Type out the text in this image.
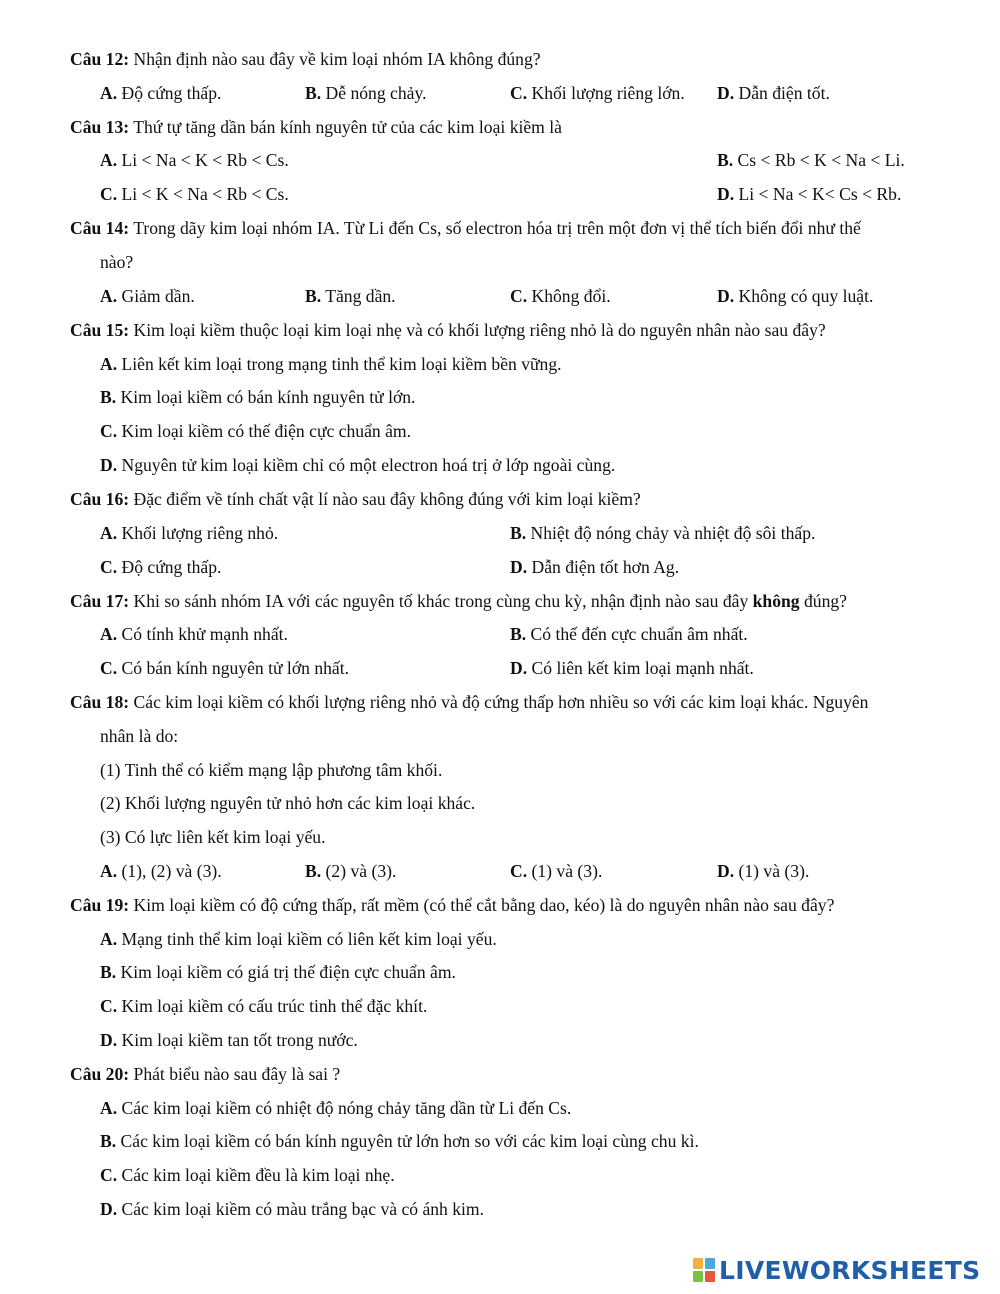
Câu 12: Nhận định nào sau đây về kim loại nhóm IA không đúng?
A. Độ cứng thấp.	B. Dễ nóng chảy.	C. Khối lượng riêng lớn. D. Dẫn điện tốt.
Câu 13: Thứ tự tăng dần bán kính nguyên tử của các kim loại kiềm là
A. Li < Na < K < Rb < Cs.	B. Cs < Rb < K < Na < Li.
C. Li < K < Na < Rb < Cs.	D. Li < Na < K< Cs < Rb.
Câu 14: Trong dãy kim loại nhóm IA. Từ Li đến Cs, số electron hóa trị trên một đơn vị thể tích biến đổi như thế
nào?
A. Giảm dần.	B. Tăng dần.	C. Không đổi.	D. Không có quy luật.
Câu 15: Kim loại kiềm thuộc loại kim loại nhẹ và có khối lượng riêng nhỏ là do nguyên nhân nào sau đây?
A. Liên kết kim loại trong mạng tinh thể kim loại kiềm bền vững.
B. Kim loại kiềm có bán kính nguyên tử lớn.
C. Kim loại kiềm có thế điện cực chuẩn âm.
D. Nguyên tử kim loại kiềm chỉ có một electron hoá trị ở lớp ngoài cùng.
Câu 16: Đặc điểm về tính chất vật lí nào sau đây không đúng với kim loại kiềm?
A. Khối lượng riêng nhỏ.	B. Nhiệt độ nóng chảy và nhiệt độ sôi thấp.
C. Độ cứng thấp.	D. Dẫn điện tốt hơn Ag.
Câu 17: Khi so sánh nhóm IA với các nguyên tố khác trong cùng chu kỳ, nhận định nào sau đây không đúng?
A. Có tính khử mạnh nhất.	B. Có thế đến cực chuẩn âm nhất.
C. Có bán kính nguyên tử lớn nhất.	D. Có liên kết kim loại mạnh nhất.
Câu 18: Các kim loại kiềm có khối lượng riêng nhỏ và độ cứng thấp hơn nhiều so với các kim loại khác. Nguyên
nhân là do:
(1) Tinh thể có kiểm mạng lập phương tâm khối.
(2) Khối lượng nguyên tử nhỏ hơn các kim loại khác.
(3) Có lực liên kết kim loại yếu.
A. (1), (2) và (3).	B. (2) và (3).	C. (1) và (3).	D. (1) và (3).
Câu 19: Kim loại kiềm có độ cứng thấp, rất mềm (có thể cắt bằng dao, kéo) là do nguyên nhân nào sau đây?
A. Mạng tinh thể kim loại kiềm có liên kết kim loại yếu.
B. Kim loại kiềm có giá trị thế điện cực chuẩn âm.
C. Kim loại kiềm có cấu trúc tinh thể đặc khít.
D. Kim loại kiềm tan tốt trong nước.
Câu 20: Phát biểu nào sau đây là sai ?
A. Các kim loại kiềm có nhiệt độ nóng chảy tăng dần từ Li đến Cs.
B. Các kim loại kiềm có bán kính nguyên tử lớn hơn so với các kim loại cùng chu kì.
C. Các kim loại kiềm đều là kim loại nhẹ.
D. Các kim loại kiềm có màu trắng bạc và có ánh kim.
LIVEWORKSHEETS
